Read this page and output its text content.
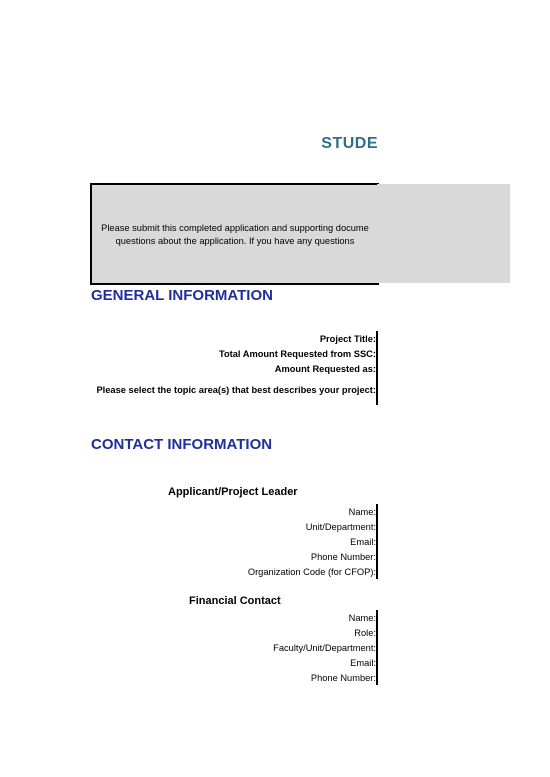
STUDE
Please submit this completed application and supporting docume
questions about the application. If you have any questions
GENERAL INFORMATION
Project Title:
Total Amount Requested from SSC:
Amount Requested as:
Please select the topic area(s) that best describes your project:
CONTACT INFORMATION
Applicant/Project Leader
Name:
Unit/Department:
Email:
Phone Number:
Organization Code (for CFOP):
Financial Contact
Name:
Role:
Faculty/Unit/Department:
Email:
Phone Number:
